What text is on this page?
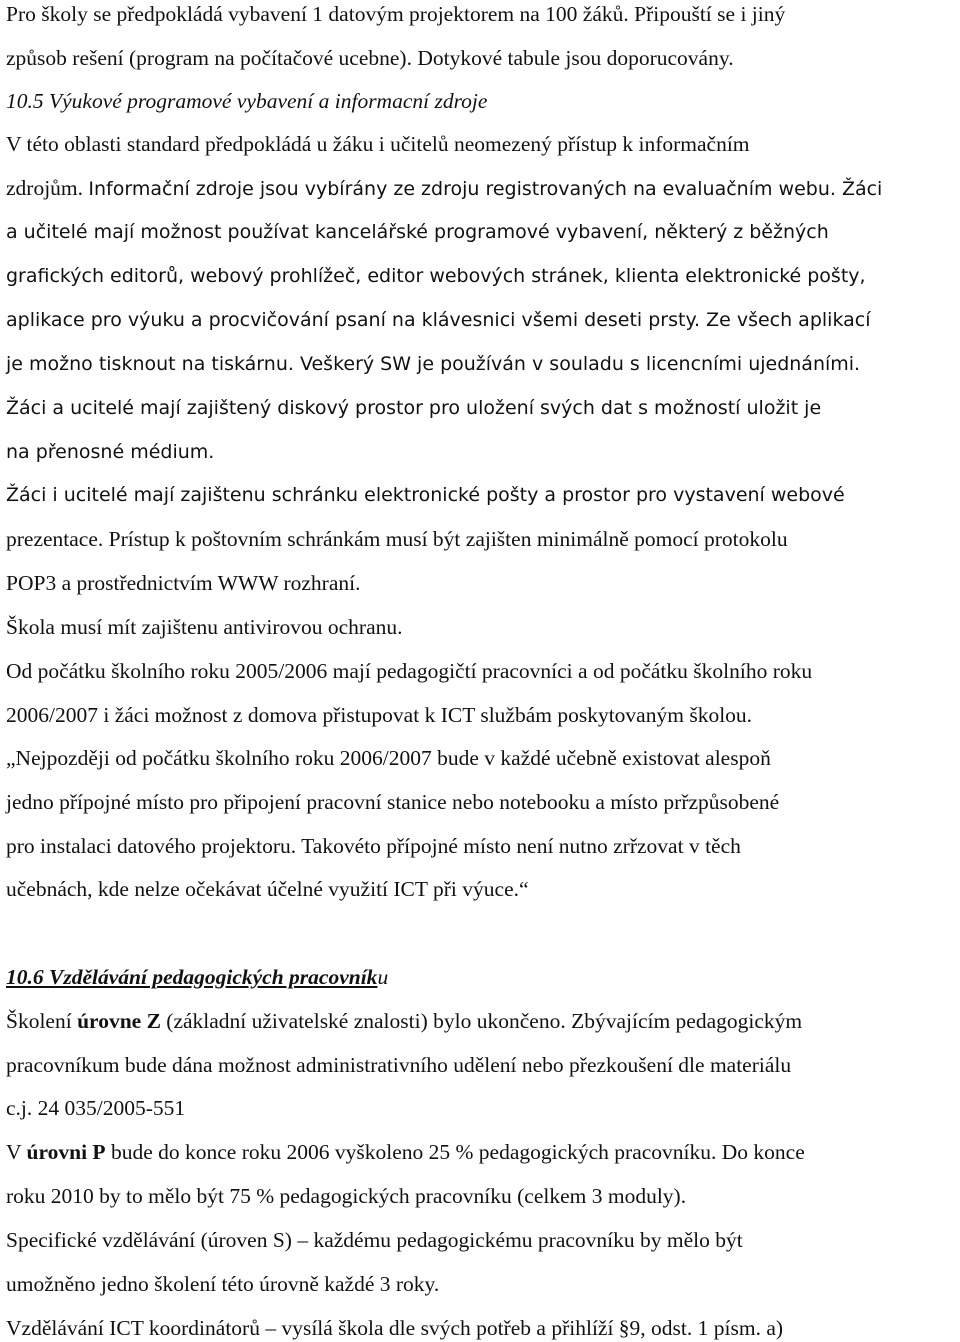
Pro školy se předpokládá vybavení 1 datovým projektorem na 100 žáků. Připouští se i jiný
způsob rešení (program na počítačové ucebne). Dotykové tabule jsou doporucovány.
10.5 Výukové programové vybavení a informacní zdroje
V této oblasti standard předpokládá u žáku i učitelů neomezený přístup k informačním
zdrojům. Informační zdroje jsou vybírány ze zdroju registrovaných na evaluačním webu. Žáci
a učitelé mají možnost používat kancelářské programové vybavení, některý z běžných
grafických editorů, webový prohlížeč, editor webových stránek, klienta elektronické pošty,
aplikace pro výuku a procvičování psaní na klávesnici všemi deseti prsty. Ze všech aplikací
je možno tisknout na tiskárnu. Veškerý SW je používán v souladu s licencními ujednáními.
Žáci a ucitelé mají zajištený diskový prostor pro uložení svých dat s možností uložit je
na přenosné médium.
Žáci i ucitelé mají zajištenu schránku elektronické pošty a prostor pro vystavení webové
prezentace. Prístup k poštovním schránkám musí být zajišten minimálně pomocí protokolu
POP3 a prostřednictvím WWW rozhraní.
Škola musí mít zajištenu antivirovou ochranu.
Od počátku školního roku 2005/2006 mají pedagogičtí pracovníci a od počátku školního roku
2006/2007 i žáci možnost z domova přistupovat k ICT službám poskytovaným školou.
„Nejpozději od počátku školního roku 2006/2007 bude v každé učebně existovat alespoň
jedno přípojné místo pro připojení pracovní stanice nebo notebooku a místo prřzpůsobené
pro instalaci datového projektoru. Takovéto přípojné místo není nutno zrřzovat v těch
učebnách, kde nelze očekávat účelné využití ICT při výuce.“
10.6 Vzdělávání pedagogických pracovníku
Školení úrovne Z (základní uživatelské znalosti) bylo ukončeno. Zbývajícím pedagogickým
pracovníkum bude dána možnost administrativního udělení nebo přezkoušení dle materiálu
c.j. 24 035/2005-551
V úrovni P bude do konce roku 2006 vyškoleno 25 % pedagogických pracovníku. Do konce
roku 2010 by to mělo být 75 % pedagogických pracovníku (celkem 3 moduly).
Specifické vzdělávání (úroven S) – každému pedagogickému pracovníku by mělo být
umožněno jedno školení této úrovně každé 3 roky.
Vzdělávání ICT koordinátorů – vysílá škola dle svých potřeb a přihlíží §9, odst. 1 písm. a)
